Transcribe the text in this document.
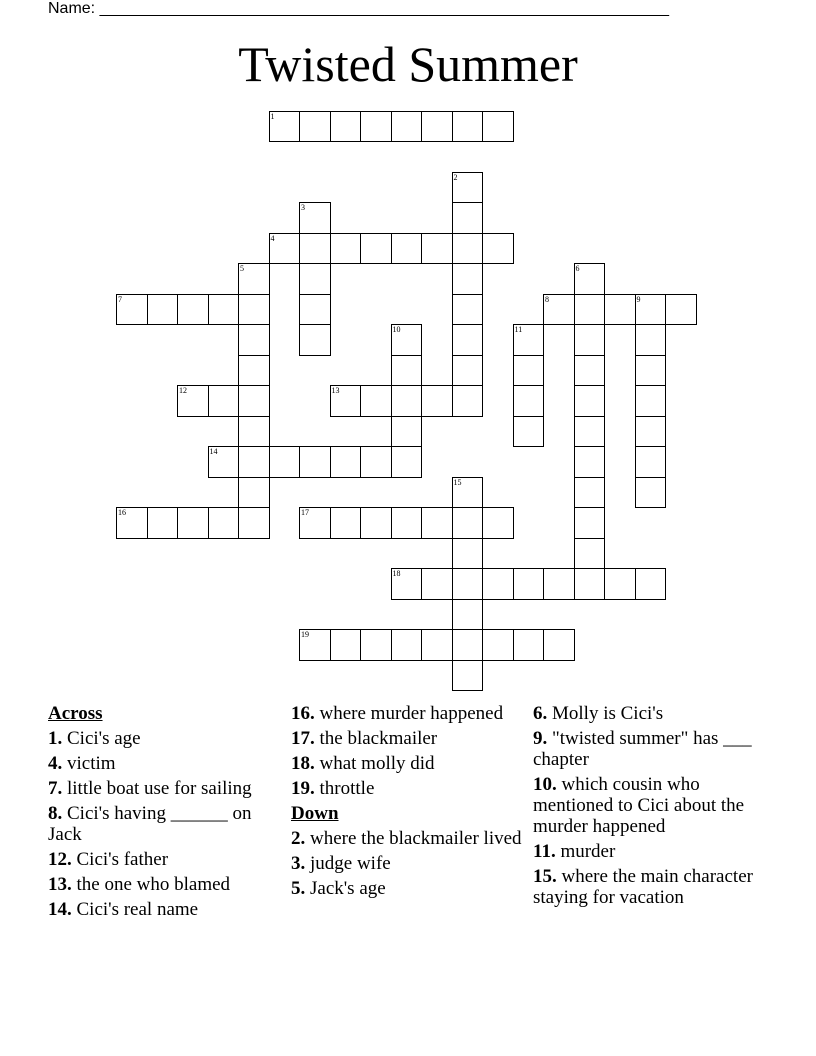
Name: ________________________________________________________________
Twisted Summer
1
2
3
4
5	6
7	8	9
10	11
12	13
14
15
16	17
18
19
Across
1. Cici's age
4. victim
7. little boat use for sailing
8. Cici's having ______ on Jack
12. Cici's father
13. the one who blamed
14. Cici's real name
16. where murder happened
17. the blackmailer
18. what molly did
19. throttle
Down
2. where the blackmailer lived
3. judge wife
5. Jack's age
6. Molly is Cici's
9. "twisted summer" has ___ chapter
10. which cousin who mentioned to Cici about the murder happened
11. murder
15. where the main character staying for vacation
